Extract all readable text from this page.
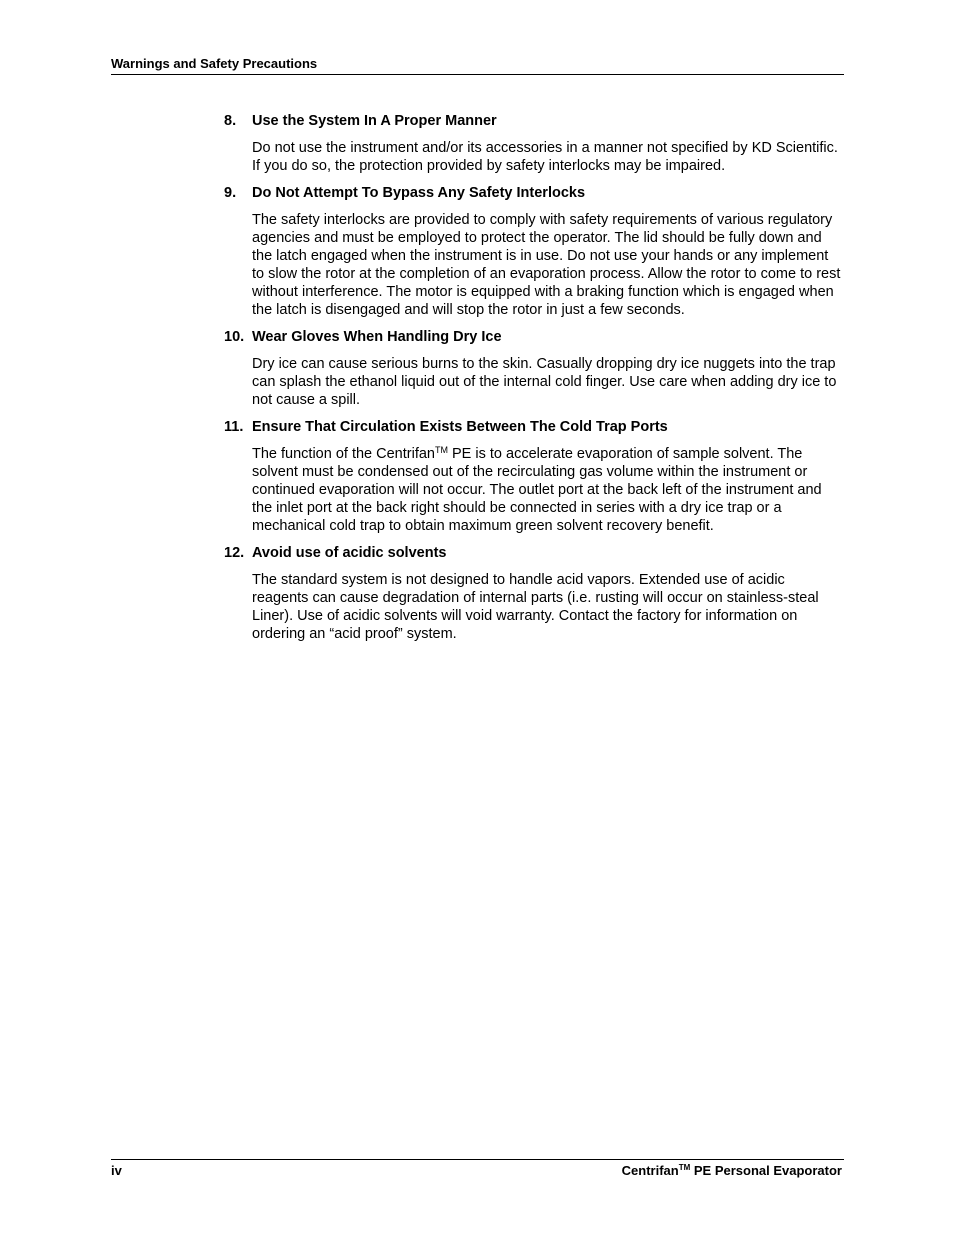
Warnings and Safety Precautions
8.	Use the System In A Proper Manner

Do not use the instrument and/or its accessories in a manner not specified by KD Scientific. If you do so, the protection provided by safety interlocks may be impaired.

9.	Do Not Attempt To Bypass Any Safety Interlocks

The safety interlocks are provided to comply with safety requirements of various regulatory agencies and must be employed to protect the operator. The lid should be fully down and the latch engaged when the instrument is in use. Do not use your hands or any implement to slow the rotor at the completion of an evaporation process. Allow the rotor to come to rest without interference. The motor is equipped with a braking function which is engaged when the latch is disengaged and will stop the rotor in just a few seconds.

10. Wear Gloves When Handling Dry Ice

Dry ice can cause serious burns to the skin. Casually dropping dry ice nuggets into the trap can splash the ethanol liquid out of the internal cold finger. Use care when adding dry ice to not cause a spill.

11. Ensure That Circulation Exists Between The Cold Trap Ports

The function of the Centrifan™ PE is to accelerate evaporation of sample solvent. The solvent must be condensed out of the recirculating gas volume within the instrument or continued evaporation will not occur. The outlet port at the back left of the instrument and the inlet port at the back right should be connected in series with a dry ice trap or a mechanical cold trap to obtain maximum green solvent recovery benefit.

12. Avoid use of acidic solvents

The standard system is not designed to handle acid vapors. Extended use of acidic reagents can cause degradation of internal parts (i.e. rusting will occur on stainless-steal Liner). Use of acidic solvents will void warranty. Contact the factory for information on ordering an “acid proof” system.

iv	Centrifan™ PE Personal Evaporator
